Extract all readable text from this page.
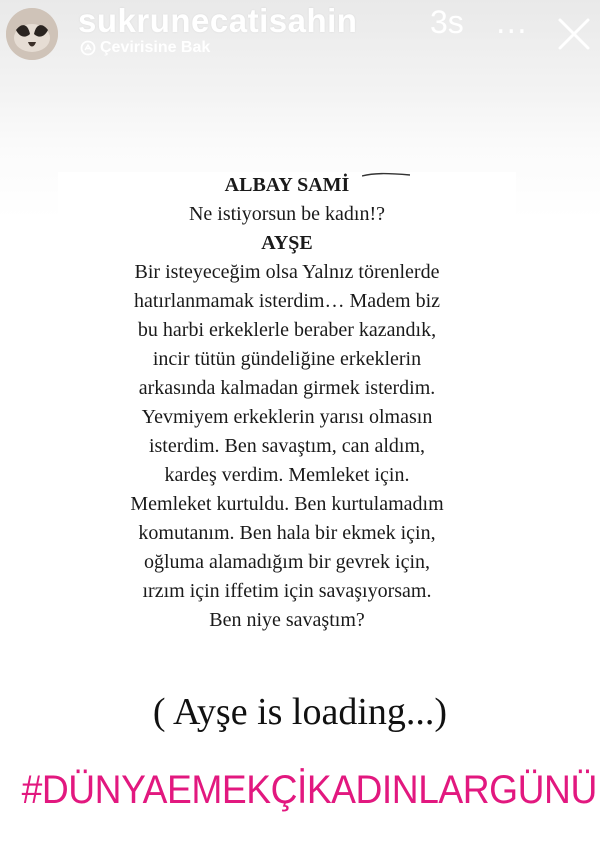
sukrunecatisahin 3s ...
Çevirisine Bak
ALBAY SAMİ
Ne istiyorsun be kadın!?
AYŞE
Bir isteyeceğim olsa Yalnız törenlerde
hatırlanmamak isterdim… Madem biz
bu harbi erkeklerle beraber kazandık,
incir tütün gündeliğine erkeklerin
arkasında kalmadan girmek isterdim.
Yevmiyem erkeklerin yarısı olmasın
isterdim. Ben savaştım, can aldım,
kardeş verdim. Memleket için.
Memleket kurtuldu. Ben kurtulamadım
komutanım. Ben hala bir ekmek için,
oğluma alamadığım bir gevrek için,
ırzım için iffetim için savaşıyorsam.
Ben niye savaştım?
( Ayşe is loading...)
#DÜNYAEMEKÇİKADINLARGÜNÜ
